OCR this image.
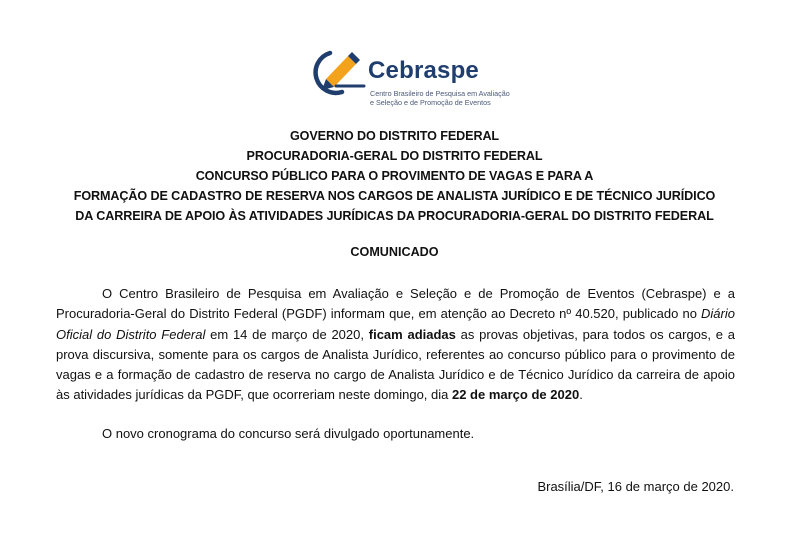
Cebraspe
Centro Brasileiro de Pesquisa em Avaliação
e Seleção e de Promoção de Eventos
GOVERNO DO DISTRITO FEDERAL
PROCURADORIA-GERAL DO DISTRITO FEDERAL
CONCURSO PÚBLICO PARA O PROVIMENTO DE VAGAS E PARA A
FORMAÇÃO DE CADASTRO DE RESERVA NOS CARGOS DE ANALISTA JURÍDICO E DE TÉCNICO JURÍDICO
DA CARREIRA DE APOIO ÀS ATIVIDADES JURÍDICAS DA PROCURADORIA-GERAL DO DISTRITO FEDERAL
COMUNICADO
O Centro Brasileiro de Pesquisa em Avaliação e Seleção e de Promoção de Eventos (Cebraspe) e a Procuradoria-Geral do Distrito Federal (PGDF) informam que, em atenção ao Decreto nº 40.520, publicado no Diário Oficial do Distrito Federal em 14 de março de 2020, ficam adiadas as provas objetivas, para todos os cargos, e a prova discursiva, somente para os cargos de Analista Jurídico, referentes ao concurso público para o provimento de vagas e a formação de cadastro de reserva no cargo de Analista Jurídico e de Técnico Jurídico da carreira de apoio às atividades jurídicas da PGDF, que ocorreriam neste domingo, dia 22 de março de 2020.
O novo cronograma do concurso será divulgado oportunamente.
Brasília/DF, 16 de março de 2020.
